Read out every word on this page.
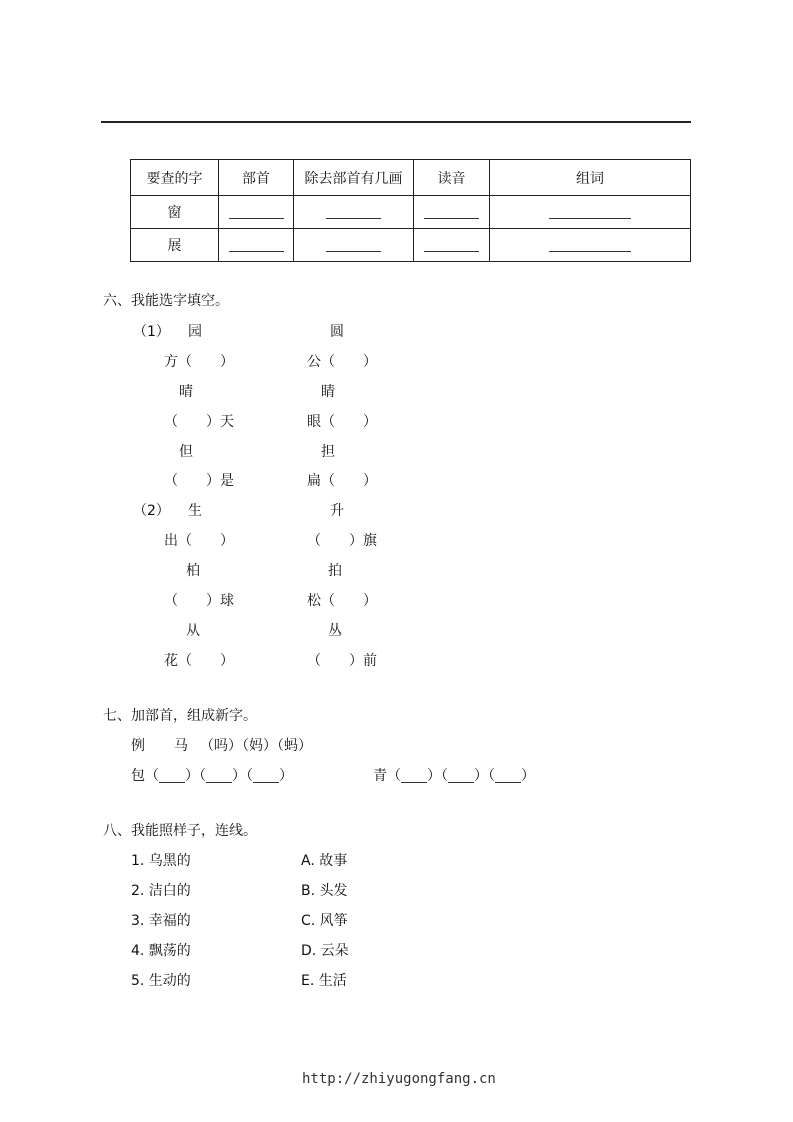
要查的字	部首	除去部首有几画	读音	组词
窗				
展				
六、我能选字填空。
（1） 园	圆
方（　　）	公（　　）
晴	睛
（　　）天	眼（　　）
但	担
（　　）是	扁（　　）
（2） 生	升
出（　　）	（　　）旗
柏	拍
（　　）球	松（　　）
从	丛
花（　　）	（　　）前
七、加部首，组成新字。
例 马 （吗）（妈）（蚂）
包（ ）（ ）（ ）	青（ ）（ ）（ ）
八、我能照样子，连线。
1. 乌黑的
2. 洁白的
3. 幸福的
4. 飘荡的
5. 生动的
A. 故事
B. 头发
C. 风筝
D. 云朵
E. 生活
http://zhiyugongfang.cn
